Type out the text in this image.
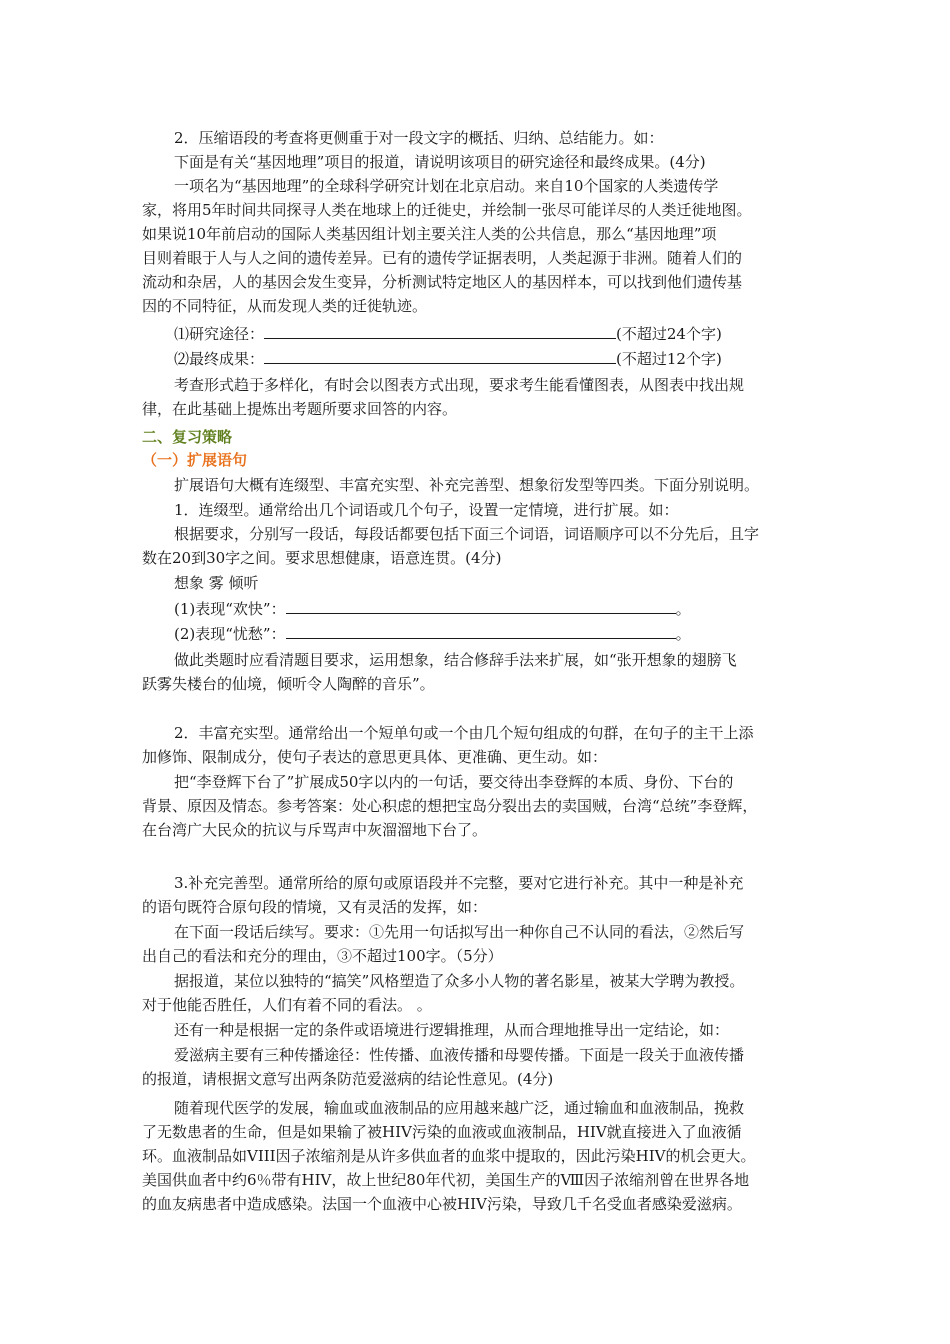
2．压缩语段的考查将更侧重于对一段文字的概括、归纳、总结能力。如：

下面是有关“基因地理”项目的报道，请说明该项目的研究途径和最终成果。(4分)

一项名为“基因地理”的全球科学研究计划在北京启动。来自10个国家的人类遗传学

家，将用5年时间共同探寻人类在地球上的迁徙史，并绘制一张尽可能详尽的人类迁徙地图。

如果说10年前启动的国际人类基因组计划主要关注人类的公共信息，那么“基因地理”项

目则着眼于人与人之间的遗传差异。已有的遗传学证据表明，人类起源于非洲。随着人们的

流动和杂居，人的基因会发生变异，分析测试特定地区人的基因样本，可以找到他们遗传基

因的不同特征，从而发现人类的迁徙轨迹。

⑴研究途径：	(不超过24个字)

⑵最终成果：	(不超过12个字)

考查形式趋于多样化，有时会以图表方式出现，要求考生能看懂图表，从图表中找出规

律，在此基础上提炼出考题所要求回答的内容。

二、复习策略
（一）扩展语句

扩展语句大概有连缀型、丰富充实型、补充完善型、想象衍发型等四类。下面分别说明。

1．连缀型。通常给出几个词语或几个句子，设置一定情境，进行扩展。如：

根据要求，分别写一段话，每段话都要包括下面三个词语，词语顺序可以不分先后，且字

数在20到30字之间。要求思想健康，语意连贯。(4分)

想象 雾 倾听

(1)表现“欢快”：	。

(2)表现“忧愁”：	。

做此类题时应看清题目要求，运用想象，结合修辞手法来扩展，如“张开想象的翅膀飞

跃雾失楼台的仙境，倾听令人陶醉的音乐”。

2．丰富充实型。通常给出一个短单句或一个由几个短句组成的句群，在句子的主干上添

加修饰、限制成分，使句子表达的意思更具体、更准确、更生动。如：

把“李登辉下台了”扩展成50字以内的一句话，要交待出李登辉的本质、身份、下台的

背景、原因及情态。参考答案：处心积虑的想把宝岛分裂出去的卖国贼，台湾“总统”李登辉，

在台湾广大民众的抗议与斥骂声中灰溜溜地下台了。

3.补充完善型。通常所给的原句或原语段并不完整，要对它进行补充。其中一种是补充

的语句既符合原句段的情境，又有灵活的发挥，如：

在下面一段话后续写。要求：①先用一句话拟写出一种你自己不认同的看法，②然后写

出自己的看法和充分的理由，③不超过100字。（5分）

据报道，某位以独特的“搞笑”风格塑造了众多小人物的著名影星，被某大学聘为教授。

对于他能否胜任，人们有着不同的看法。 。

还有一种是根据一定的条件或语境进行逻辑推理，从而合理地推导出一定结论，如：

爱滋病主要有三种传播途径：性传播、血液传播和母婴传播。下面是一段关于血液传播

的报道，请根据文意写出两条防范爱滋病的结论性意见。(4分)

随着现代医学的发展，输血或血液制品的应用越来越广泛，通过输血和血液制品，挽救

了无数患者的生命，但是如果输了被HIV污染的血液或血液制品，HIV就直接进入了血液循

环。血液制品如VIII因子浓缩剂是从许多供血者的血浆中提取的，因此污染HIV的机会更大。

美国供血者中约6％带有HIV，故上世纪80年代初，美国生产的Ⅷ因子浓缩剂曾在世界各地

的血友病患者中造成感染。法国一个血液中心被HIV污染，导致几千名受血者感染爱滋病。
